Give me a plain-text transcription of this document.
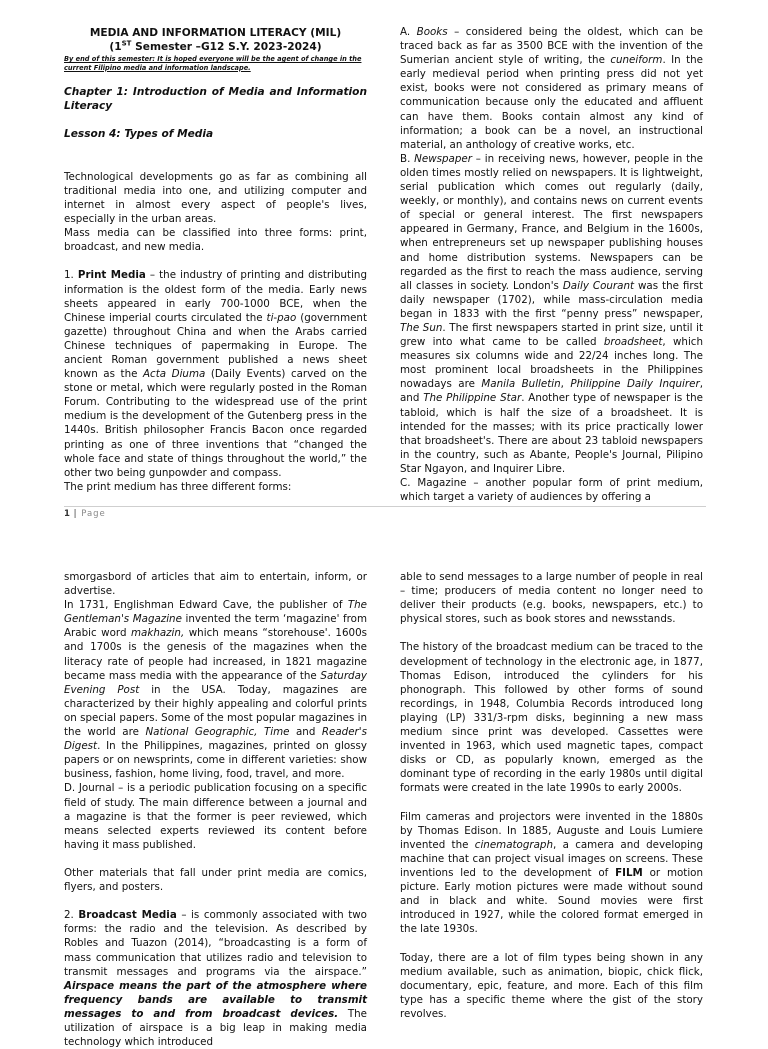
MEDIA AND INFORMATION LITERACY (MIL)
(1ST Semester –G12 S.Y. 2023-2024)
By end of this semester: It is hoped everyone will be the agent of change in the current Filipino media and information landscape.

Chapter 1: Introduction of Media and Information Literacy

Lesson 4: Types of Media

Technological developments go as far as combining all traditional media into one, and utilizing computer and internet in almost every aspect of people's lives, especially in the urban areas.

Mass media can be classified into three forms: print, broadcast, and new media.

1. Print Media – the industry of printing and distributing information is the oldest form of the media. Early news sheets appeared in early 700-1000 BCE, when the Chinese imperial courts circulated the ti-pao (government gazette) throughout China and when the Arabs carried Chinese techniques of papermaking in Europe. The ancient Roman government published a news sheet known as the Acta Diuma (Daily Events) carved on the stone or metal, which were regularly posted in the Roman Forum. Contributing to the widespread use of the print medium is the development of the Gutenberg press in the 1440s. British philosopher Francis Bacon once regarded printing as one of three inventions that “changed the whole face and state of things throughout the world,” the other two being gunpowder and compass.

The print medium has three different forms:

A. Books – considered being the oldest, which can be traced back as far as 3500 BCE with the invention of the Sumerian ancient style of writing, the cuneiform. In the early medieval period when printing press did not yet exist, books were not considered as primary means of communication because only the educated and affluent can have them. Books contain almost any kind of information; a book can be a novel, an instructional material, an anthology of creative works, etc.

B. Newspaper – in receiving news, however, people in the olden times mostly relied on newspapers. It is lightweight, serial publication which comes out regularly (daily, weekly, or monthly), and contains news on current events of special or general interest. The first newspapers appeared in Germany, France, and Belgium in the 1600s, when entrepreneurs set up newspaper publishing houses and home distribution systems. Newspapers can be regarded as the first to reach the mass audience, serving all classes in society. London's Daily Courant was the first daily newspaper (1702), while mass-circulation media began in 1833 with the first “penny press” newspaper, The Sun. The first newspapers started in print size, until it grew into what came to be called broadsheet, which measures six columns wide and 22/24 inches long. The most prominent local broadsheets in the Philippines nowadays are Manila Bulletin, Philippine Daily Inquirer, and The Philippine Star. Another type of newspaper is the tabloid, which is half the size of a broadsheet. It is intended for the masses; with its price practically lower that broadsheet's. There are about 23 tabloid newspapers in the country, such as Abante, People's Journal, Pilipino Star Ngayon, and Inquirer Libre.

C. Magazine – another popular form of print medium, which target a variety of audiences by offering a

1 | Page

smorgasbord of articles that aim to entertain, inform, or advertise.

In 1731, Englishman Edward Cave, the publisher of The Gentleman's Magazine invented the term ‘magazine' from Arabic word makhazin, which means “storehouse'. 1600s and 1700s is the genesis of the magazines when the literacy rate of people had increased, in 1821 magazine became mass media with the appearance of the Saturday Evening Post in the USA. Today, magazines are characterized by their highly appealing and colorful prints on special papers. Some of the most popular magazines in the world are National Geographic, Time and Reader's Digest. In the Philippines, magazines, printed on glossy papers or on newsprints, come in different varieties: show business, fashion, home living, food, travel, and more.

D. Journal – is a periodic publication focusing on a specific field of study. The main difference between a journal and a magazine is that the former is peer reviewed, which means selected experts reviewed its content before having it mass published.

Other materials that fall under print media are comics, flyers, and posters.

2. Broadcast Media – is commonly associated with two forms: the radio and the television. As described by Robles and Tuazon (2014), “broadcasting is a form of mass communication that utilizes radio and television to transmit messages and programs via the airspace.” Airspace means the part of the atmosphere where frequency bands are available to transmit messages to and from broadcast devices. The utilization of airspace is a big leap in making media technology which introduced

able to send messages to a large number of people in real – time; producers of media content no longer need to deliver their products (e.g. books, newspapers, etc.) to physical stores, such as book stores and newsstands.

The history of the broadcast medium can be traced to the development of technology in the electronic age, in 1877, Thomas Edison, introduced the cylinders for his phonograph. This followed by other forms of sound recordings, in 1948, Columbia Records introduced long playing (LP) 331/3-rpm disks, beginning a new mass medium since print was developed. Cassettes were invented in 1963, which used magnetic tapes, compact disks or CD, as popularly known, emerged as the dominant type of recording in the early 1980s until digital formats were created in the late 1990s to early 2000s.

Film cameras and projectors were invented in the 1880s by Thomas Edison. In 1885, Auguste and Louis Lumiere invented the cinematograph, a camera and developing machine that can project visual images on screens. These inventions led to the development of FILM or motion picture. Early motion pictures were made without sound and in black and white. Sound movies were first introduced in 1927, while the colored format emerged in the late 1930s.

Today, there are a lot of film types being shown in any medium available, such as animation, biopic, chick flick, documentary, epic, feature, and more. Each of this film type has a specific theme where the gist of the story revolves.
